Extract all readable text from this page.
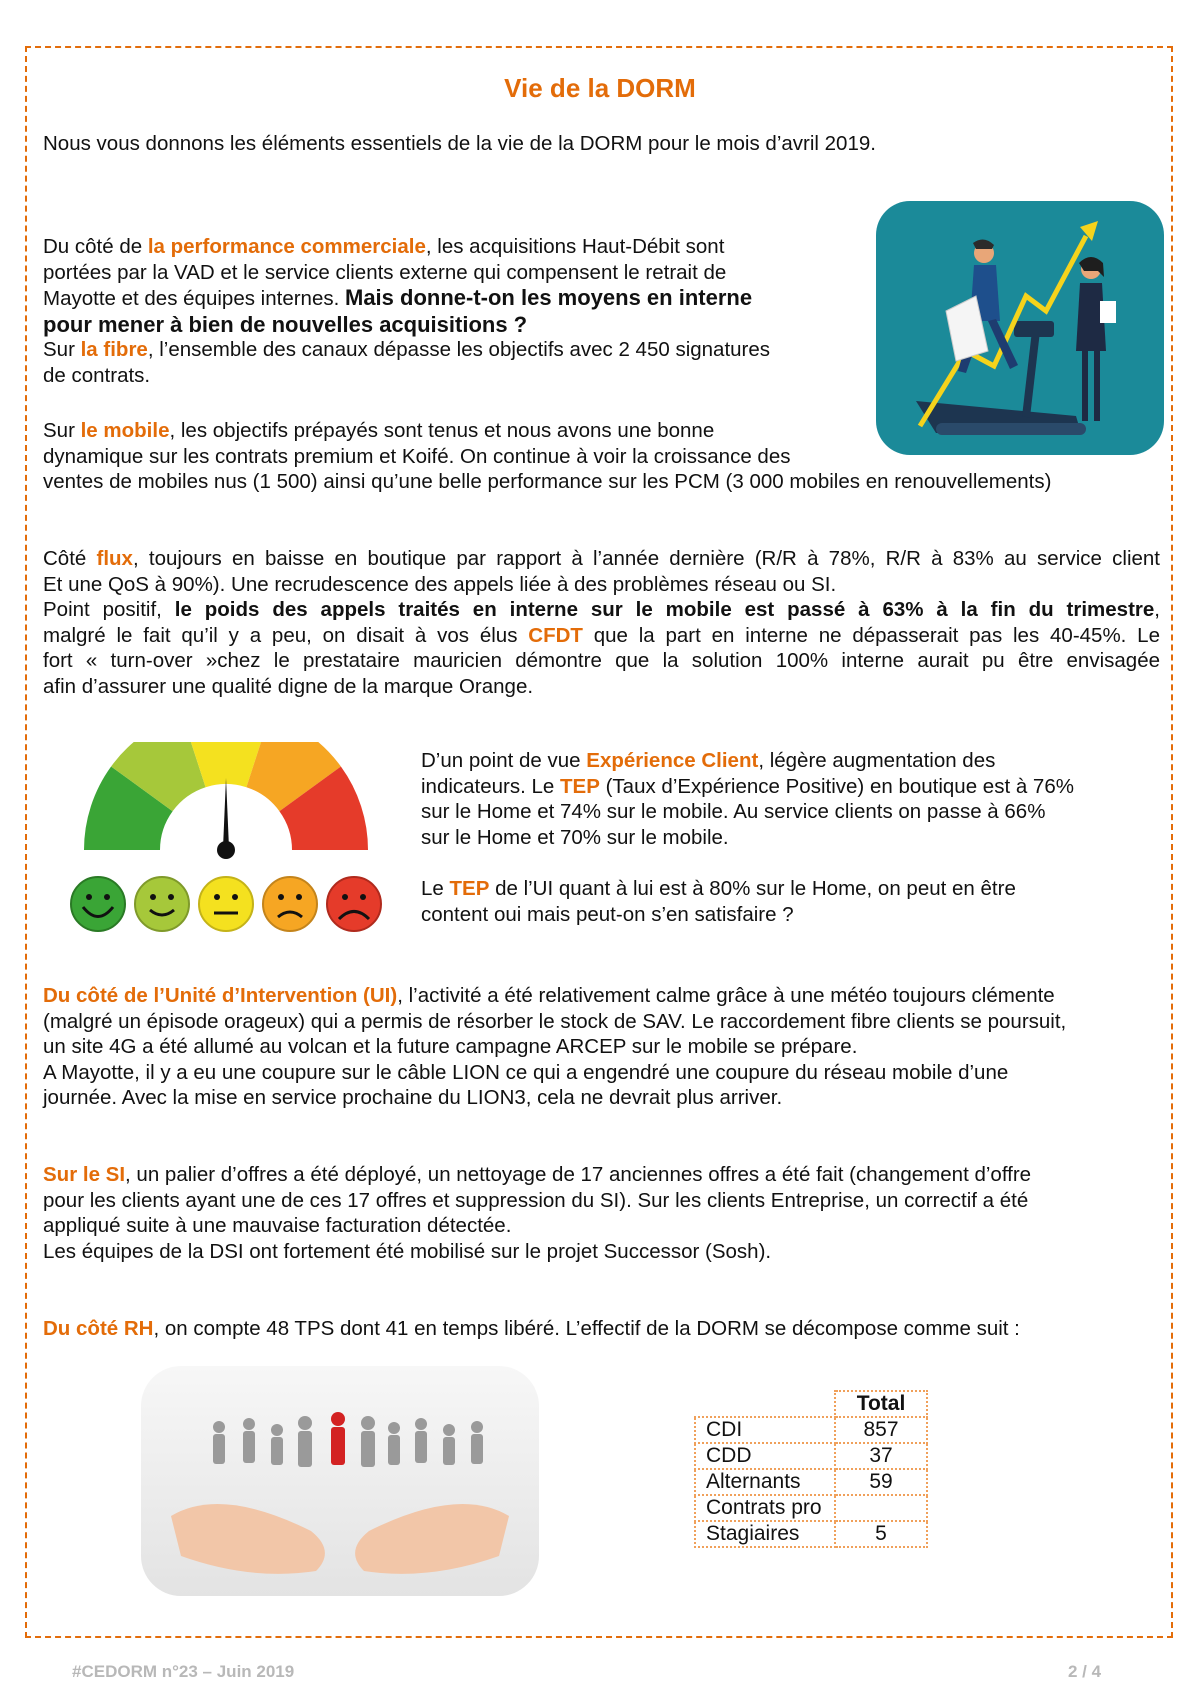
Vie de la DORM

Nous vous donnons les éléments essentiels de la vie de la DORM pour le mois d’avril 2019.

Du côté de la performance commerciale, les acquisitions Haut-Débit sont
portées par la VAD et le service clients externe qui compensent le retrait de
Mayotte et des équipes internes. Mais donne-t-on les moyens en interne
pour mener à bien de nouvelles acquisitions ?
Sur la fibre, l’ensemble des canaux dépasse les objectifs avec 2 450 signatures
de contrats.

Sur le mobile, les objectifs prépayés sont tenus et nous avons une bonne
dynamique sur les contrats premium et Koifé. On continue à voir la croissance des
ventes de mobiles nus (1 500) ainsi qu’une belle performance sur les PCM (3 000 mobiles en renouvellements)

Côté flux, toujours en baisse en boutique par rapport à l’année dernière (R/R à 78%, R/R à 83% au service client
Et une QoS à 90%). Une recrudescence des appels liée à des problèmes réseau ou SI.
Point positif, le poids des appels traités en interne sur le mobile est passé à 63% à la fin du trimestre,
malgré le fait qu’il y a peu, on disait à vos élus CFDT que la part en interne ne dépasserait pas les 40-45%. Le
fort « turn-over »chez le prestataire mauricien démontre que la solution 100% interne aurait pu être envisagée
afin d’assurer une qualité digne de la marque Orange.

D’un point de vue Expérience Client, légère augmentation des
indicateurs. Le TEP (Taux d’Expérience Positive) en boutique est à 76%
sur le Home et 74% sur le mobile. Au service clients on passe à 66%
sur le Home et 70% sur le mobile.

Le TEP de l’UI quant à lui est à 80% sur le Home, on peut en être
content oui mais peut-on s’en satisfaire ?

Du côté de l’Unité d’Intervention (UI), l’activité a été relativement calme grâce à une météo toujours clémente
(malgré un épisode orageux) qui a permis de résorber le stock de SAV. Le raccordement fibre clients se poursuit,
un site 4G a été allumé au volcan et la future campagne ARCEP sur le mobile se prépare.
A Mayotte, il y a eu une coupure sur le câble LION ce qui a engendré une coupure du réseau mobile d’une
journée. Avec la mise en service prochaine du LION3, cela ne devrait plus arriver.

Sur le SI, un palier d’offres a été déployé, un nettoyage de 17 anciennes offres a été fait (changement d’offre
pour les clients ayant une de ces 17 offres et suppression du SI). Sur les clients Entreprise, un correctif a été
appliqué suite à une mauvaise facturation détectée.
Les équipes de la DSI ont fortement été mobilisé sur le projet Successor (Sosh).

Du côté RH, on compte 48 TPS dont 41 en temps libéré. L’effectif de la DORM se décompose comme suit :

	Total
CDI	857
CDD	37
Alternants	59
Contrats pro	
Stagiaires	5
#CEDORM n°23 – Juin 2019	2 / 4
